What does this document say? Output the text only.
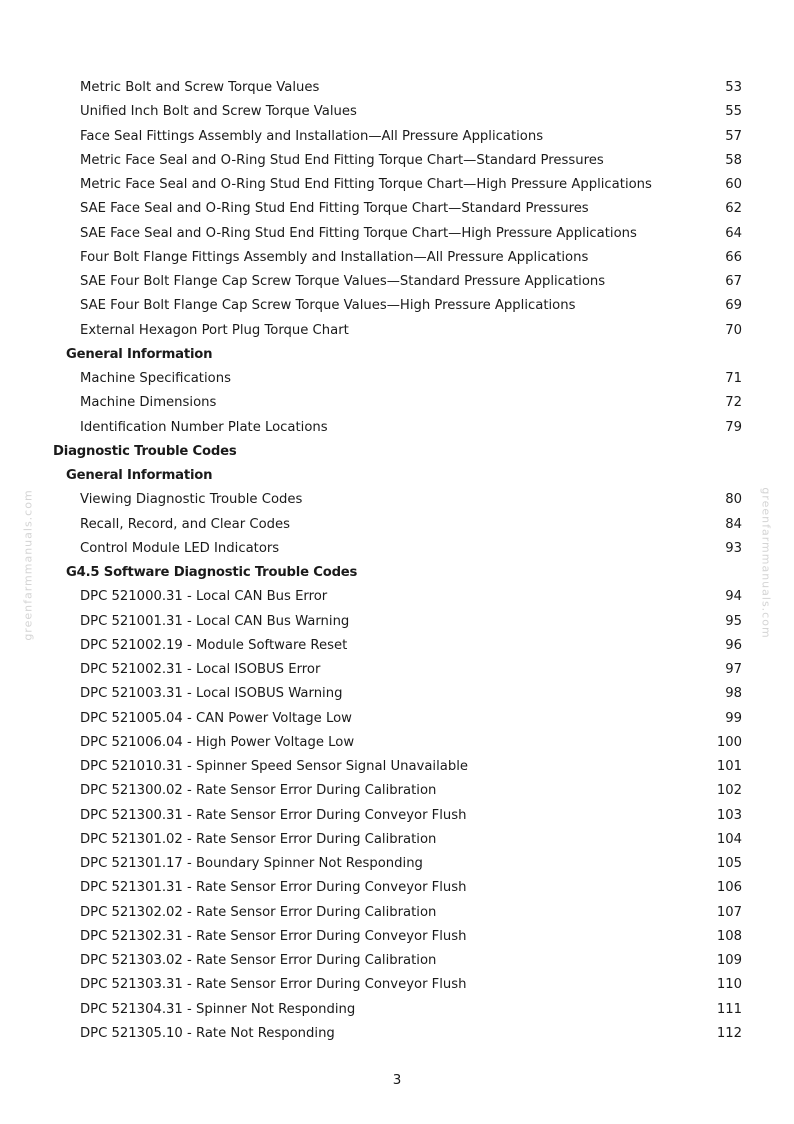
greenfarmmanuals.com	greenfarmmanuals.com
Metric Bolt and Screw Torque Values	53
Unified Inch Bolt and Screw Torque Values	55
Face Seal Fittings Assembly and Installation—All Pressure Applications	57
Metric Face Seal and O-Ring Stud End Fitting Torque Chart—Standard Pressures	58
Metric Face Seal and O-Ring Stud End Fitting Torque Chart—High Pressure Applications	60
SAE Face Seal and O-Ring Stud End Fitting Torque Chart—Standard Pressures	62
SAE Face Seal and O-Ring Stud End Fitting Torque Chart—High Pressure Applications	64
Four Bolt Flange Fittings Assembly and Installation—All Pressure Applications	66
SAE Four Bolt Flange Cap Screw Torque Values—Standard Pressure Applications	67
SAE Four Bolt Flange Cap Screw Torque Values—High Pressure Applications	69
External Hexagon Port Plug Torque Chart	70
General Information
Machine Specifications	71
Machine Dimensions	72
Identification Number Plate Locations	79
Diagnostic Trouble Codes
General Information
Viewing Diagnostic Trouble Codes	80
Recall, Record, and Clear Codes	84
Control Module LED Indicators	93
G4.5 Software Diagnostic Trouble Codes
DPC 521000.31 - Local CAN Bus Error	94
DPC 521001.31 - Local CAN Bus Warning	95
DPC 521002.19 - Module Software Reset	96
DPC 521002.31 - Local ISOBUS Error	97
DPC 521003.31 - Local ISOBUS Warning	98
DPC 521005.04 - CAN Power Voltage Low	99
DPC 521006.04 - High Power Voltage Low	100
DPC 521010.31 - Spinner Speed Sensor Signal Unavailable	101
DPC 521300.02 - Rate Sensor Error During Calibration	102
DPC 521300.31 - Rate Sensor Error During Conveyor Flush	103
DPC 521301.02 - Rate Sensor Error During Calibration	104
DPC 521301.17 - Boundary Spinner Not Responding	105
DPC 521301.31 - Rate Sensor Error During Conveyor Flush	106
DPC 521302.02 - Rate Sensor Error During Calibration	107
DPC 521302.31 - Rate Sensor Error During Conveyor Flush	108
DPC 521303.02 - Rate Sensor Error During Calibration	109
DPC 521303.31 - Rate Sensor Error During Conveyor Flush	110
DPC 521304.31 - Spinner Not Responding	111
DPC 521305.10 - Rate Not Responding	112
3
